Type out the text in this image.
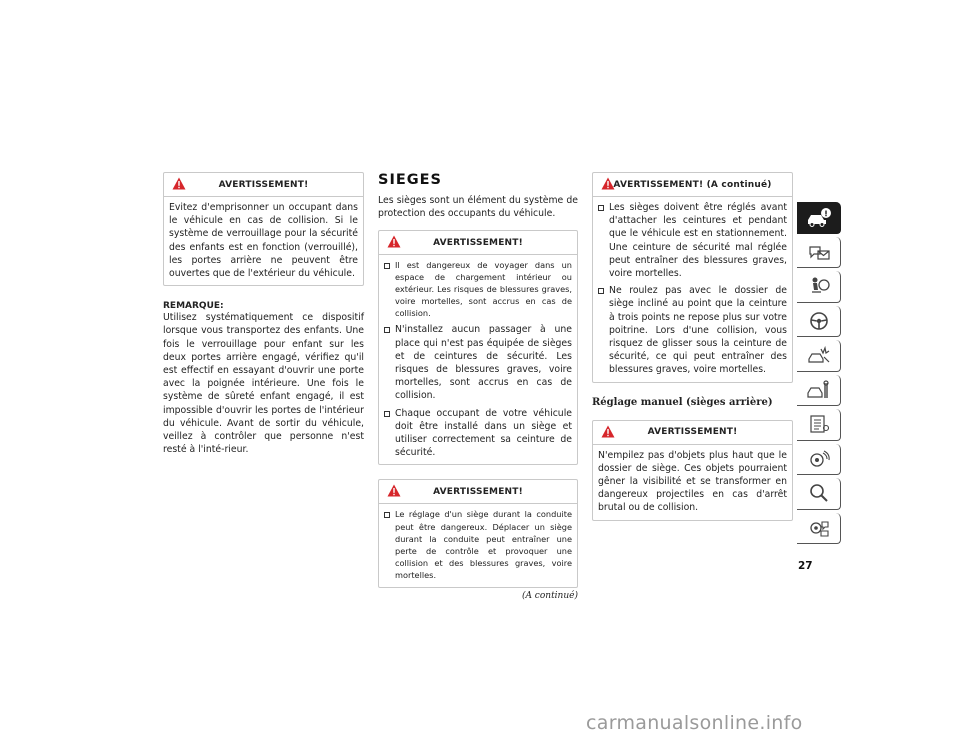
AVERTISSEMENT!
Evitez d'emprisonner un occupant dans le véhicule en cas de collision. Si le système de verrouillage pour la sécurité des enfants est en fonction (verrouillé), les portes arrière ne peuvent être ouvertes que de l'extérieur du véhicule.
REMARQUE:
Utilisez systématiquement ce dispositif lorsque vous transportez des enfants. Une fois le verrouillage pour enfant sur les deux portes arrière engagé, vérifiez qu'il est effectif en essayant d'ouvrir une porte avec la poignée intérieure. Une fois le système de sûreté enfant engagé, il est impossible d'ouvrir les portes de l'intérieur du véhicule. Avant de sortir du véhicule, veillez à contrôler que personne n'est resté à l'inté-rieur.
SIEGES
Les sièges sont un élément du système de protection des occupants du véhicule.
AVERTISSEMENT!
Il est dangereux de voyager dans un espace de chargement intérieur ou extérieur. Les risques de blessures graves, voire mortelles, sont accrus en cas de collision.
N'installez aucun passager à une place qui n'est pas équipée de sièges et de ceintures de sécurité. Les risques de blessures graves, voire mortelles, sont accrus en cas de collision.
Chaque occupant de votre véhicule doit être installé dans un siège et utiliser correctement sa ceinture de sécurité.
AVERTISSEMENT!
Le réglage d'un siège durant la conduite peut être dangereux. Déplacer un siège durant la conduite peut entraîner une perte de contrôle et provoquer une collision et des blessures graves, voire mortelles.
(A continué)
AVERTISSEMENT! (A continué)
Les sièges doivent être réglés avant d'attacher les ceintures et pendant que le véhicule est en stationnement. Une ceinture de sécurité mal réglée peut entraîner des blessures graves, voire mortelles.
Ne roulez pas avec le dossier de siège incliné au point que la ceinture à trois points ne repose plus sur votre poitrine. Lors d'une collision, vous risquez de glisser sous la ceinture de sécurité, ce qui peut entraîner des blessures graves, voire mortelles.
Réglage manuel (sièges arrière)
AVERTISSEMENT!
N'empilez pas d'objets plus haut que le dossier de siège. Ces objets pourraient gêner la visibilité et se transformer en dangereux projectiles en cas d'arrêt brutal ou de collision.
27
carmanualsonline.info
